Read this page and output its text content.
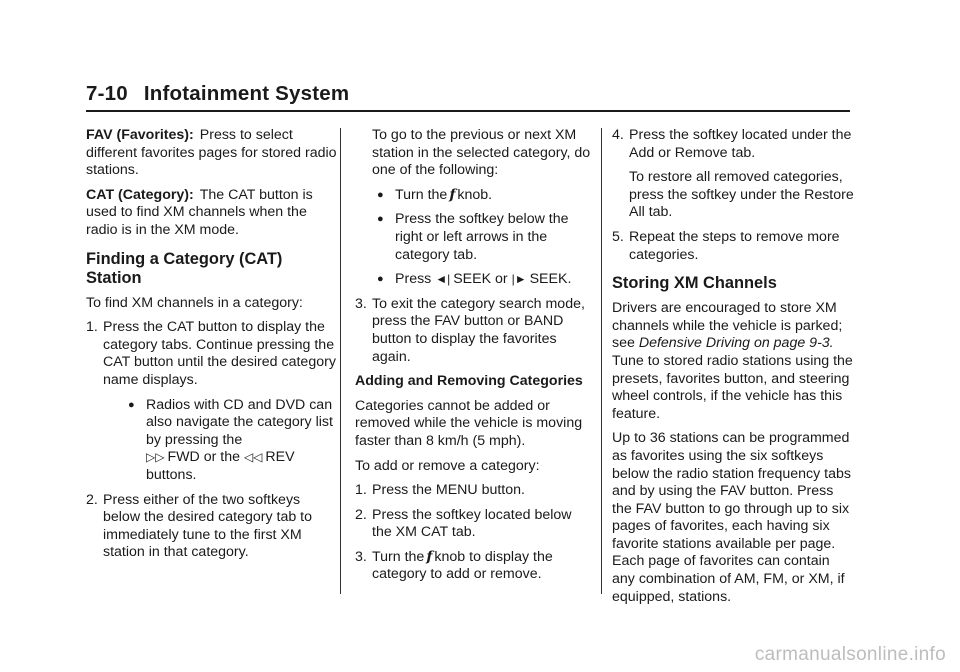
7-10 Infotainment System

FAV (Favorites): Press to select different favorites pages for stored radio stations.

CAT (Category): The CAT button is used to find XM channels when the radio is in the XM mode.

Finding a Category (CAT) Station

To find XM channels in a category:

1. Press the CAT button to display the category tabs. Continue pressing the CAT button until the desired category name displays.
● Radios with CD and DVD can also navigate the category list by pressing the
▷▷ FWD or the ◁◁ REV
buttons.
2. Press either of the two softkeys below the desired category tab to immediately tune to the first XM station in that category.

To go to the previous or next XM station in the selected category, do one of the following:

● Turn the f knob.
● Press the softkey below the right or left arrows in the category tab.
● Press ◄| SEEK or |► SEEK.
3. To exit the category search mode, press the FAV button or BAND button to display the favorites again.

Adding and Removing Categories

Categories cannot be added or removed while the vehicle is moving faster than 8 km/h (5 mph).

To add or remove a category:

1. Press the MENU button.
2. Press the softkey located below the XM CAT tab.
3. Turn the f knob to display the category to add or remove.
4. Press the softkey located under the Add or Remove tab.

To restore all removed categories, press the softkey under the Restore All tab.

5. Repeat the steps to remove more categories.
Storing XM Channels

Drivers are encouraged to store XM channels while the vehicle is parked; see Defensive Driving on page 9-3. Tune to stored radio stations using the presets, favorites button, and steering wheel controls, if the vehicle has this feature.

Up to 36 stations can be programmed as favorites using the six softkeys below the radio station frequency tabs and by using the FAV button. Press the FAV button to go through up to six pages of favorites, each having six favorite stations available per page. Each page of favorites can contain any combination of AM, FM, or XM, if equipped, stations.

carmanualsonline.info
